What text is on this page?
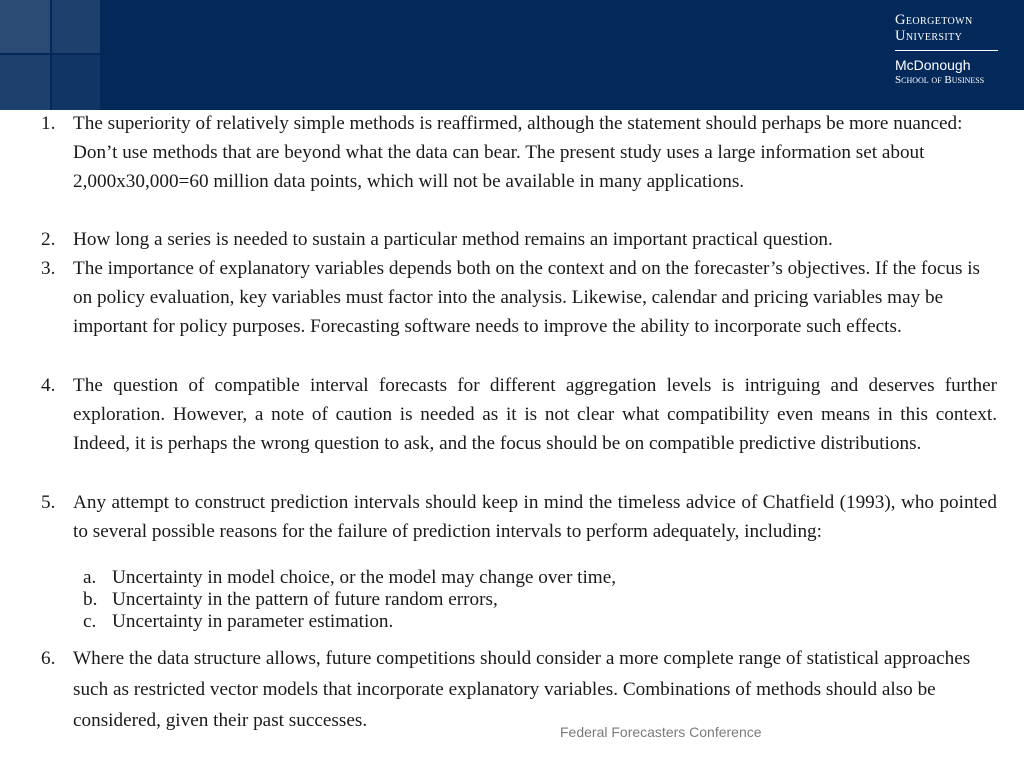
Georgetown
University
McDonough
School of Business
1. The superiority of relatively simple methods is reaffirmed, although the statement should perhaps be more nuanced: Don’t use methods that are beyond what the data can bear. The present study uses a large information set about 2,000x30,000=60 million data points, which will not be available in many applications.
2. How long a series is needed to sustain a particular method remains an important practical question.
3. The importance of explanatory variables depends both on the context and on the forecaster’s objectives. If the focus is on policy evaluation, key variables must factor into the analysis. Likewise, calendar and pricing variables may be important for policy purposes. Forecasting software needs to improve the ability to incorporate such effects.
4. The question of compatible interval forecasts for different aggregation levels is intriguing and deserves further exploration. However, a note of caution is needed as it is not clear what compatibility even means in this context. Indeed, it is perhaps the wrong question to ask, and the focus should be on compatible predictive distributions.
5. Any attempt to construct prediction intervals should keep in mind the timeless advice of Chatfield (1993), who pointed to several possible reasons for the failure of prediction intervals to perform adequately, including:
a. Uncertainty in model choice, or the model may change over time,
b. Uncertainty in the pattern of future random errors,
c. Uncertainty in parameter estimation.
6. Where the data structure allows, future competitions should consider a more complete range of statistical approaches such as restricted vector models that incorporate explanatory variables. Combinations of methods should also be considered, given their past successes.
Federal Forecasters Conference
